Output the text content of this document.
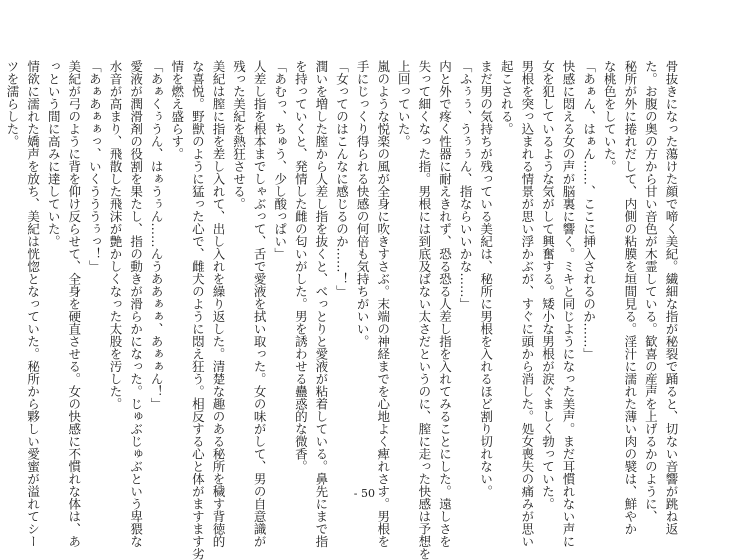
骨抜きになった蕩けた顔で啼く美紀。繊細な指が秘裂で踊ると、切ない音響が跳ね返

た。お腹の奥の方から甘い音色が木霊している。歓喜の産声を上げるかのように、

秘所が外に捲れだして、内側の粘膜を垣間見る。淫汁に濡れた薄い肉の襞は、鮮やか

な桃色をしていた。

「あぁん、はぁん……、ここに挿入されるのか……」

快感に悶える女の声が脳裏に響く。ミキと同じようになった美声。まだ耳慣れない声に

女を犯しているような気がして興奮する。矮小な男根が涙ぐましく勃っていた。

男根を突っ込まれる情景が思い浮かぶが、すぐに頭から消した。処女喪失の痛みが思い

起こされる。

まだ男の気持ちが残っている美紀は、秘所に男根を入れるほど割り切れない。

「ふぅぅ、うぅぅん、指ならいいかな……」

内と外で疼く性器に耐えきれず、恐る恐る人差し指を入れてみることにした。遠しさを

失って細くなった指。男根には到底及ばない太さだというのに、膣に走った快感は予想を

上回っていた。

嵐のような悦楽の風が全身に吹きすさぶ。末端の神経までを心地よく痺れさす。男根を

手にじっくり得られる快感の何倍も気持ちがいい。

「女ってのはこんなに感じるのか……！」

潤いを増した膣から人差し指を抜くと、べっとりと愛液が粘着している。鼻先にまで指

を持っていくと、発情した雌の匂いがした。男を誘わせる蠱惑的な微香。

「あむっ、ちゅう、少し酸っぱい」

人差し指を根本までしゃぶって、舌で愛液を拭い取った。女の味がして、男の自意識が

残った美紀を熱狂させる。

美紀は膣に指を差し入れて、出し入れを繰り返した。清楚な趣のある秘所を穢す背徳的

な喜悦。野獣のように猛った心で、雌犬のように悶え狂う。相反する心と体がますます劣

情を燃え盛らす。

「あぁくぅうん、はぁうぅん……んうああぁぁ、あぁぁん！」

愛液が潤滑剤の役割を果たし、指の動きが滑らかになった。じゅぶじゅぶという卑猥な

水音が高まり、飛散した飛沫が艶かしくなった太股を汚した。

「あぁあぁぁっ、いくうううぅっ！」

美紀が弓のように背を仰け反らせて、全身を硬直させる。女の快感に不慣れな体は、あ

っという間に高みに達していた。

情欲に濡れた嬌声を放ち、美紀は恍惚となっていた。秘所から夥しい愛蜜が溢れてシー

ツを濡らした。

- 50 -
